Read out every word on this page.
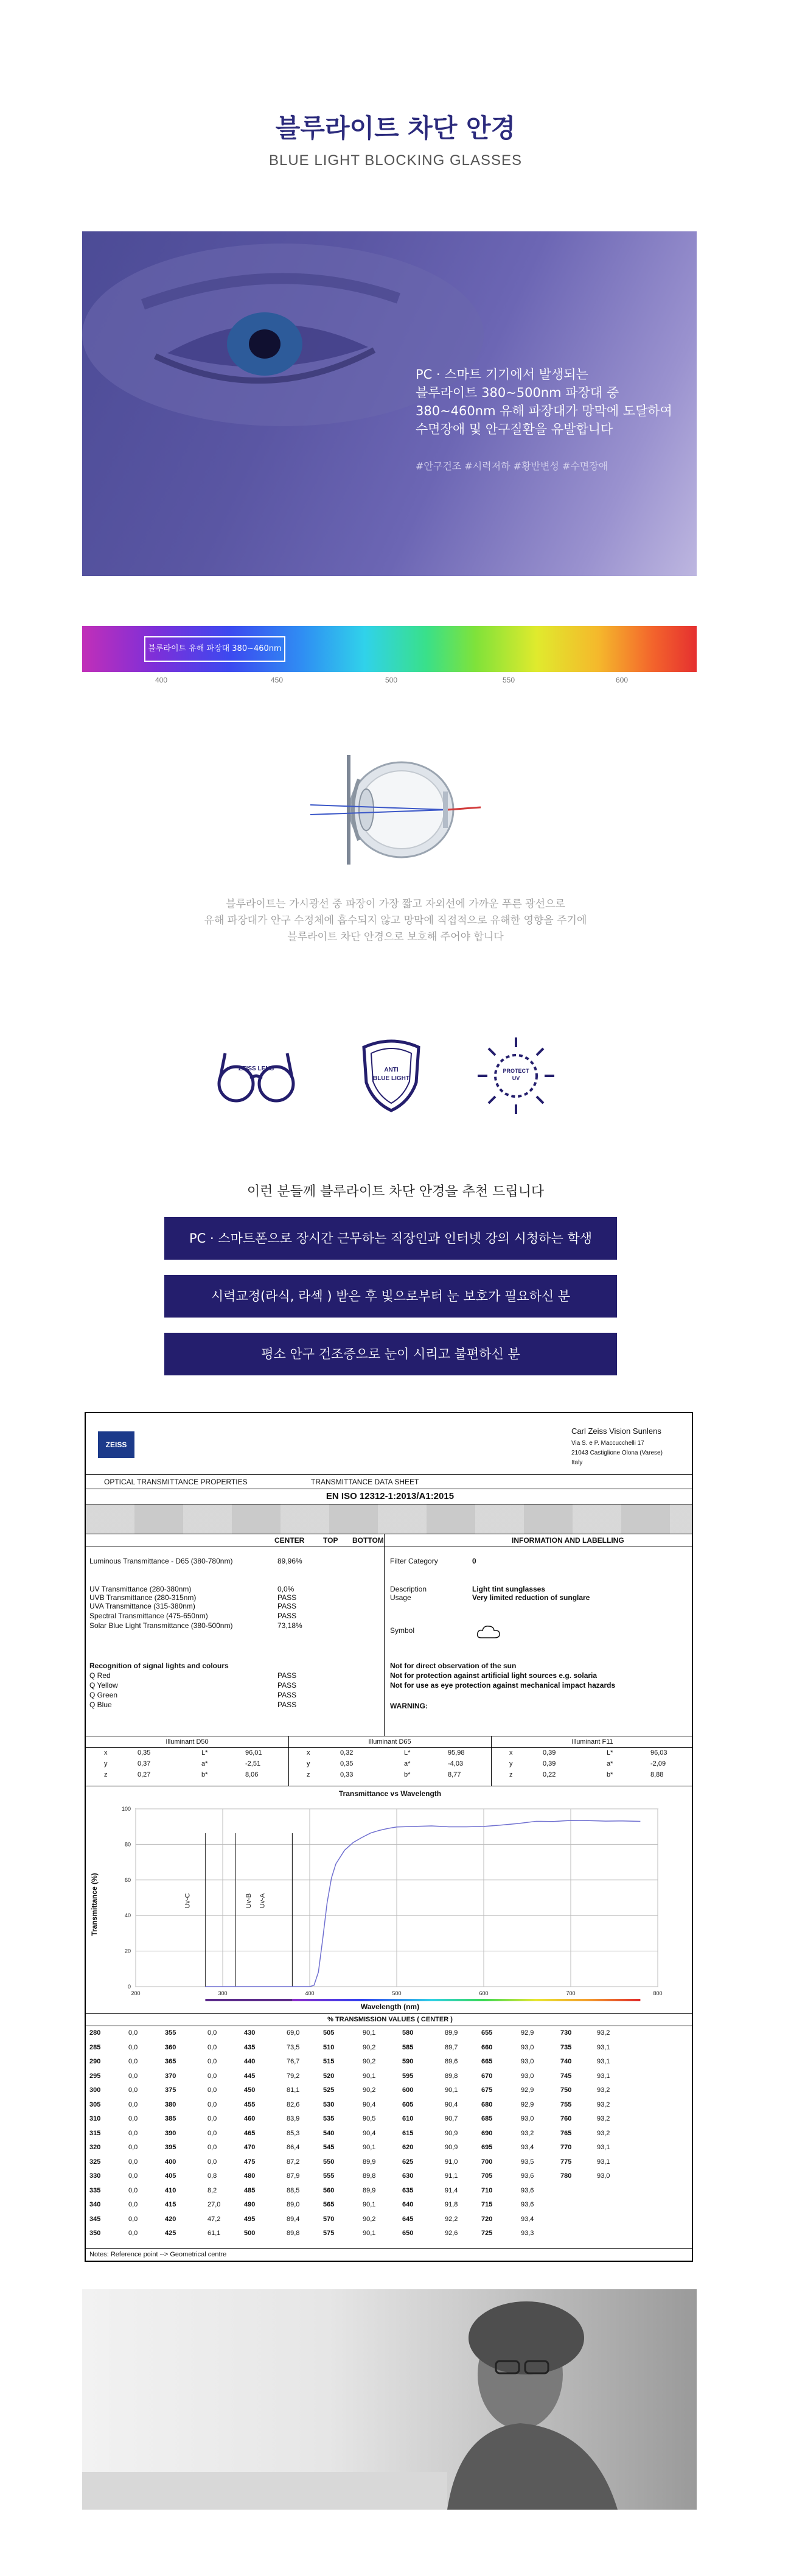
블루라이트 차단 안경
BLUE LIGHT BLOCKING GLASSES
PC · 스마트 기기에서 발생되는
블루라이트 380~500nm 파장대 중
380~460nm 유해 파장대가 망막에 도달하여
수면장애 및 안구질환을 유발합니다
#안구건조 #시력저하 #황반변성 #수면장애
블루라이트 유해 파장대 380~460nm
400	450	500	550	600
블루라이트는 가시광선 중 파장이 가장 짧고 자외선에 가까운 푸른 광선으로
유해 파장대가 안구 수정체에 흡수되지 않고 망막에 직접적으로 유해한 영향을 주기에
블루라이트 차단 안경으로 보호해 주어야 합니다
ZEISS LENS	ANTI
BLUE LIGHT
PROTECT
UV
이런 분들께 블루라이트 차단 안경을 추천 드립니다
PC · 스마트폰으로 장시간 근무하는 직장인과 인터넷 강의 시청하는 학생
시력교정(라식, 라섹 ) 받은 후 빛으로부터 눈 보호가 필요하신 분
평소 안구 건조증으로 눈이 시리고 불편하신 분
ZEISS
Carl Zeiss Vision Sunlens
Via S. e P. Maccucchelli 17
21043 Castiglione Olona (Varese)
Italy
OPTICAL TRANSMITTANCE PROPERTIES	TRANSMITTANCE DATA SHEET
EN ISO 12312-1:2013/A1:2015
CENTER	TOP BOTTOM	INFORMATION AND LABELLING
Luminous Transmittance - D65 (380-780nm)	89,96%
UV Transmittance (280-380nm)	0,0%
UVB Transmittance (280-315nm)	PASS
UVA Transmittance (315-380nm)	PASS
Spectral Transmittance (475-650nm)	PASS
Solar Blue Light Transmittance (380-500nm)	73,18%
Filter Category	0
Description	Light tint sunglasses
Usage	Very limited reduction of sunglare
Symbol
Recognition of signal lights and colours
Q Red	PASS
Q Yellow	PASS
Q Green	PASS
Q Blue	PASS
Not for direct observation of the sun
Not for protection against artificial light sources e.g. solaria
Not for use as eye protection against mechanical impact hazards
WARNING:
Illuminant D50
x	0,35	L*	96,01
y	0,37	a*	-2,51
z	0,27	b*	8,06
Illuminant D65
x	0,32	L*	95,98
y	0,35	a*	-4,03
z	0,33	b*	8,77
Illuminant F11
x	0,39	L*	96,03
y	0,39	a*	-2,09
z	0,22	b*	8,88
Transmittance vs Wavelength
0
20
40
60
80
100
200	300	400	500	600	700	800
Uv-C	Uv-B Uv-A
Wavelength (nm)
Transmittance (%)
% TRANSMISSION VALUES ( CENTER )
280	0,0	355	0,0	430	69,0	505	90,1	580	89,9	655	92,9	730	93,2
285	0,0	360	0,0	435	73,5	510	90,2	585	89,7	660	93,0	735	93,1
290	0,0	365	0,0	440	76,7	515	90,2	590	89,6	665	93,0	740	93,1
295	0,0	370	0,0	445	79,2	520	90,1	595	89,8	670	93,0	745	93,1
300	0,0	375	0,0	450	81,1	525	90,2	600	90,1	675	92,9	750	93,2
305	0,0	380	0,0	455	82,6	530	90,4	605	90,4	680	92,9	755	93,2
310	0,0	385	0,0	460	83,9	535	90,5	610	90,7	685	93,0	760	93,2
315	0,0	390	0,0	465	85,3	540	90,4	615	90,9	690	93,2	765	93,2
320	0,0	395	0,0	470	86,4	545	90,1	620	90,9	695	93,4	770	93,1
325	0,0	400	0,0	475	87,2	550	89,9	625	91,0	700	93,5	775	93,1
330	0,0	405	0,8	480	87,9	555	89,8	630	91,1	705	93,6	780	93,0
335	0,0	410	8,2	485	88,5	560	89,9	635	91,4	710	93,6
340	0,0	415	27,0	490	89,0	565	90,1	640	91,8	715	93,6
345	0,0	420	47,2	495	89,4	570	90,2	645	92,2	720	93,4
350	0,0	425	61,1	500	89,8	575	90,1	650	92,6	725	93,3
Notes: Reference point --> Geometrical centre
